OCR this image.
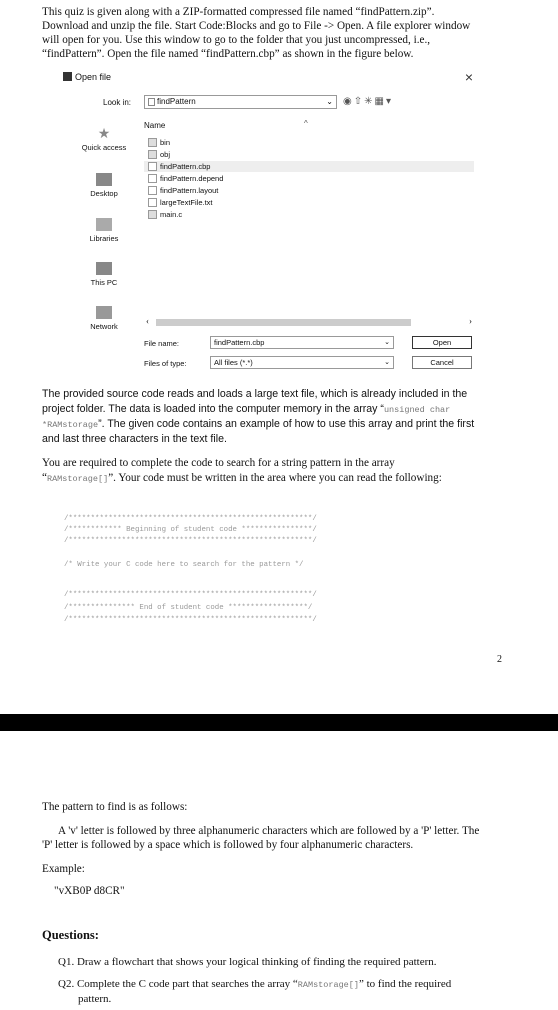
This quiz is given along with a ZIP-formatted compressed file named “findPattern.zip”.
Download and unzip the file. Start Code:Blocks and go to File -> Open. A file explorer window
will open for you. Use this window to go to the folder that you just uncompressed, i.e.,
“findPattern”. Open the file named “findPattern.cbp” as shown in the figure below.
Open file	×
Look in:	findPattern	⌄ ◉⇧✳▦▾
★
Quick access
Desktop
Libraries
This PC
Network
Name	^
bin
obj
findPattern.cbp
findPattern.depend
findPattern.layout
largeTextFile.txt
main.c
‹	›
File name:	findPattern.cbp	⌄	Open
Files of type:	All files (*.*)	⌄	Cancel
The provided source code reads and loads a large text file, which is already included in the
project folder. The data is loaded into the computer memory in the array “unsigned char
*RAMstorage”. The given code contains an example of how to use this array and print the first
and last three characters in the text file.
You are required to complete the code to search for a string pattern in the array
“RAMstorage[]”. Your code must be written in the area where you can read the following:
/*******************************************************/
/************ Beginning of student code ****************/
/*******************************************************/
/* Write your C code here to search for the pattern */
/*******************************************************/
/*************** End of student code ******************/
/*******************************************************/
2
The pattern to find is as follows:
A 'v' letter is followed by three alphanumeric characters which are followed by a 'P' letter. The
'P' letter is followed by a space which is followed by four alphanumeric characters.
Example:
"vXB0P d8CR"
Questions:
Q1. Draw a flowchart that shows your logical thinking of finding the required pattern.
Q2. Complete the C code part that searches the array “RAMstorage[]” to find the required
pattern.
